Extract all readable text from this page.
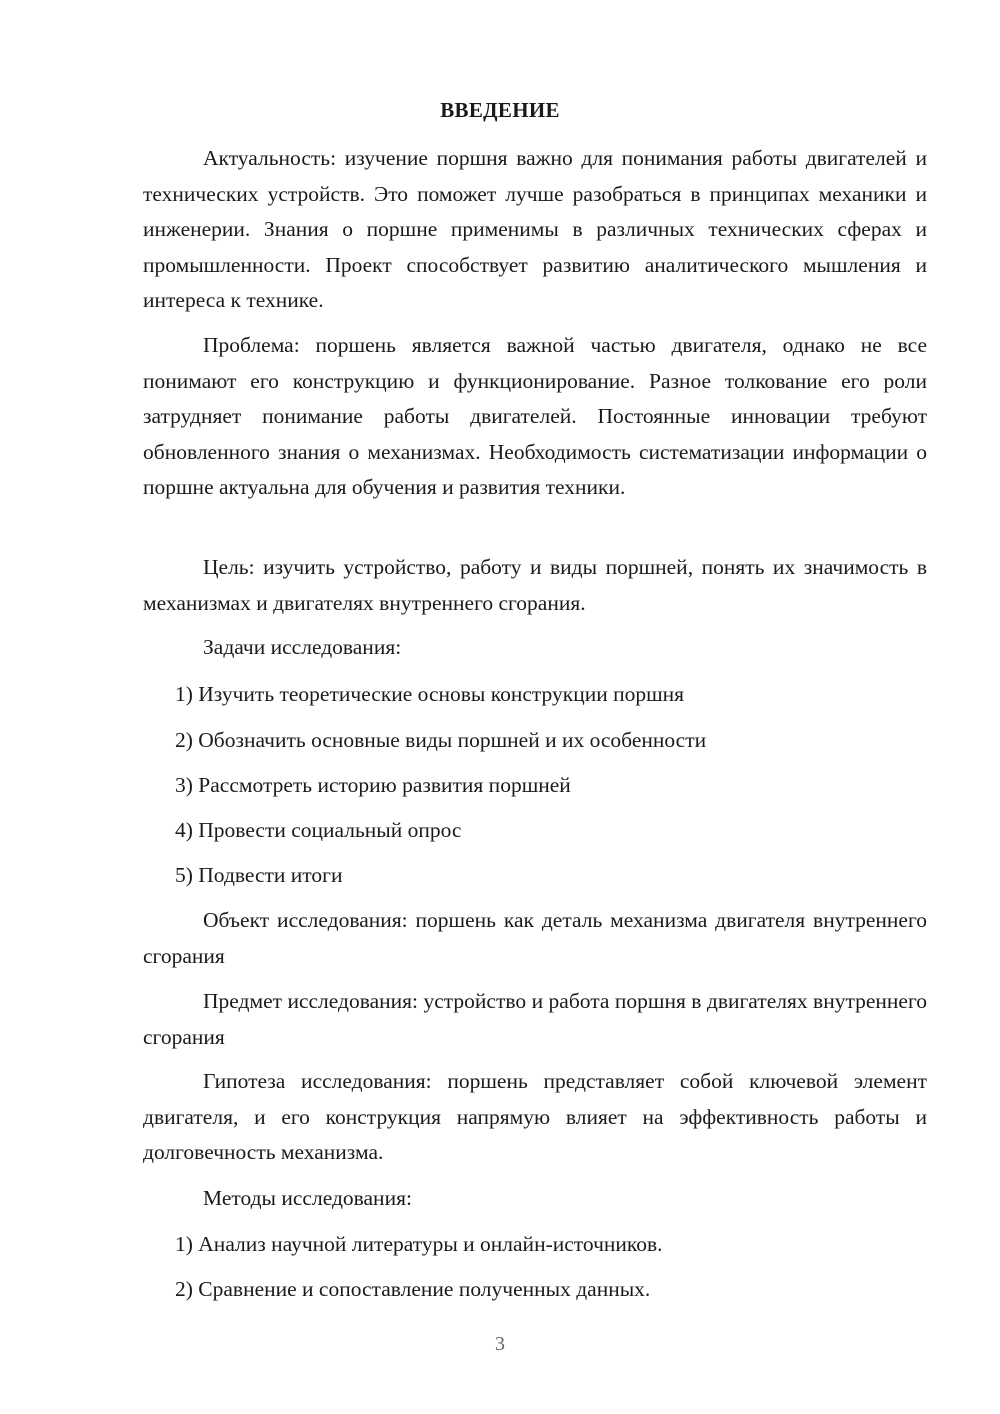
ВВЕДЕНИЕ
Актуальность: изучение поршня важно для понимания работы двигателей и технических устройств. Это поможет лучше разобраться в принципах механики и инженерии. Знания о поршне применимы в различных технических сферах и промышленности. Проект способствует развитию аналитического мышления и интереса к технике.
Проблема: поршень является важной частью двигателя, однако не все понимают его конструкцию и функционирование. Разное толкование его роли затрудняет понимание работы двигателей. Постоянные инновации требуют обновленного знания о механизмах. Необходимость систематизации информации о поршне актуальна для обучения и развития техники.
Цель: изучить устройство, работу и виды поршней, понять их значимость в механизмах и двигателях внутреннего сгорания.
Задачи исследования:
1) Изучить теоретические основы конструкции поршня
2) Обозначить основные виды поршней и их особенности
3) Рассмотреть историю развития поршней
4) Провести социальный опрос
5) Подвести итоги
Объект исследования: поршень как деталь механизма двигателя внутреннего сгорания
Предмет исследования: устройство и работа поршня в двигателях внутреннего сгорания
Гипотеза исследования: поршень представляет собой ключевой элемент двигателя, и его конструкция напрямую влияет на эффективность работы и долговечность механизма.
Методы исследования:
1) Анализ научной литературы и онлайн-источников.
2) Сравнение и сопоставление полученных данных.
3
